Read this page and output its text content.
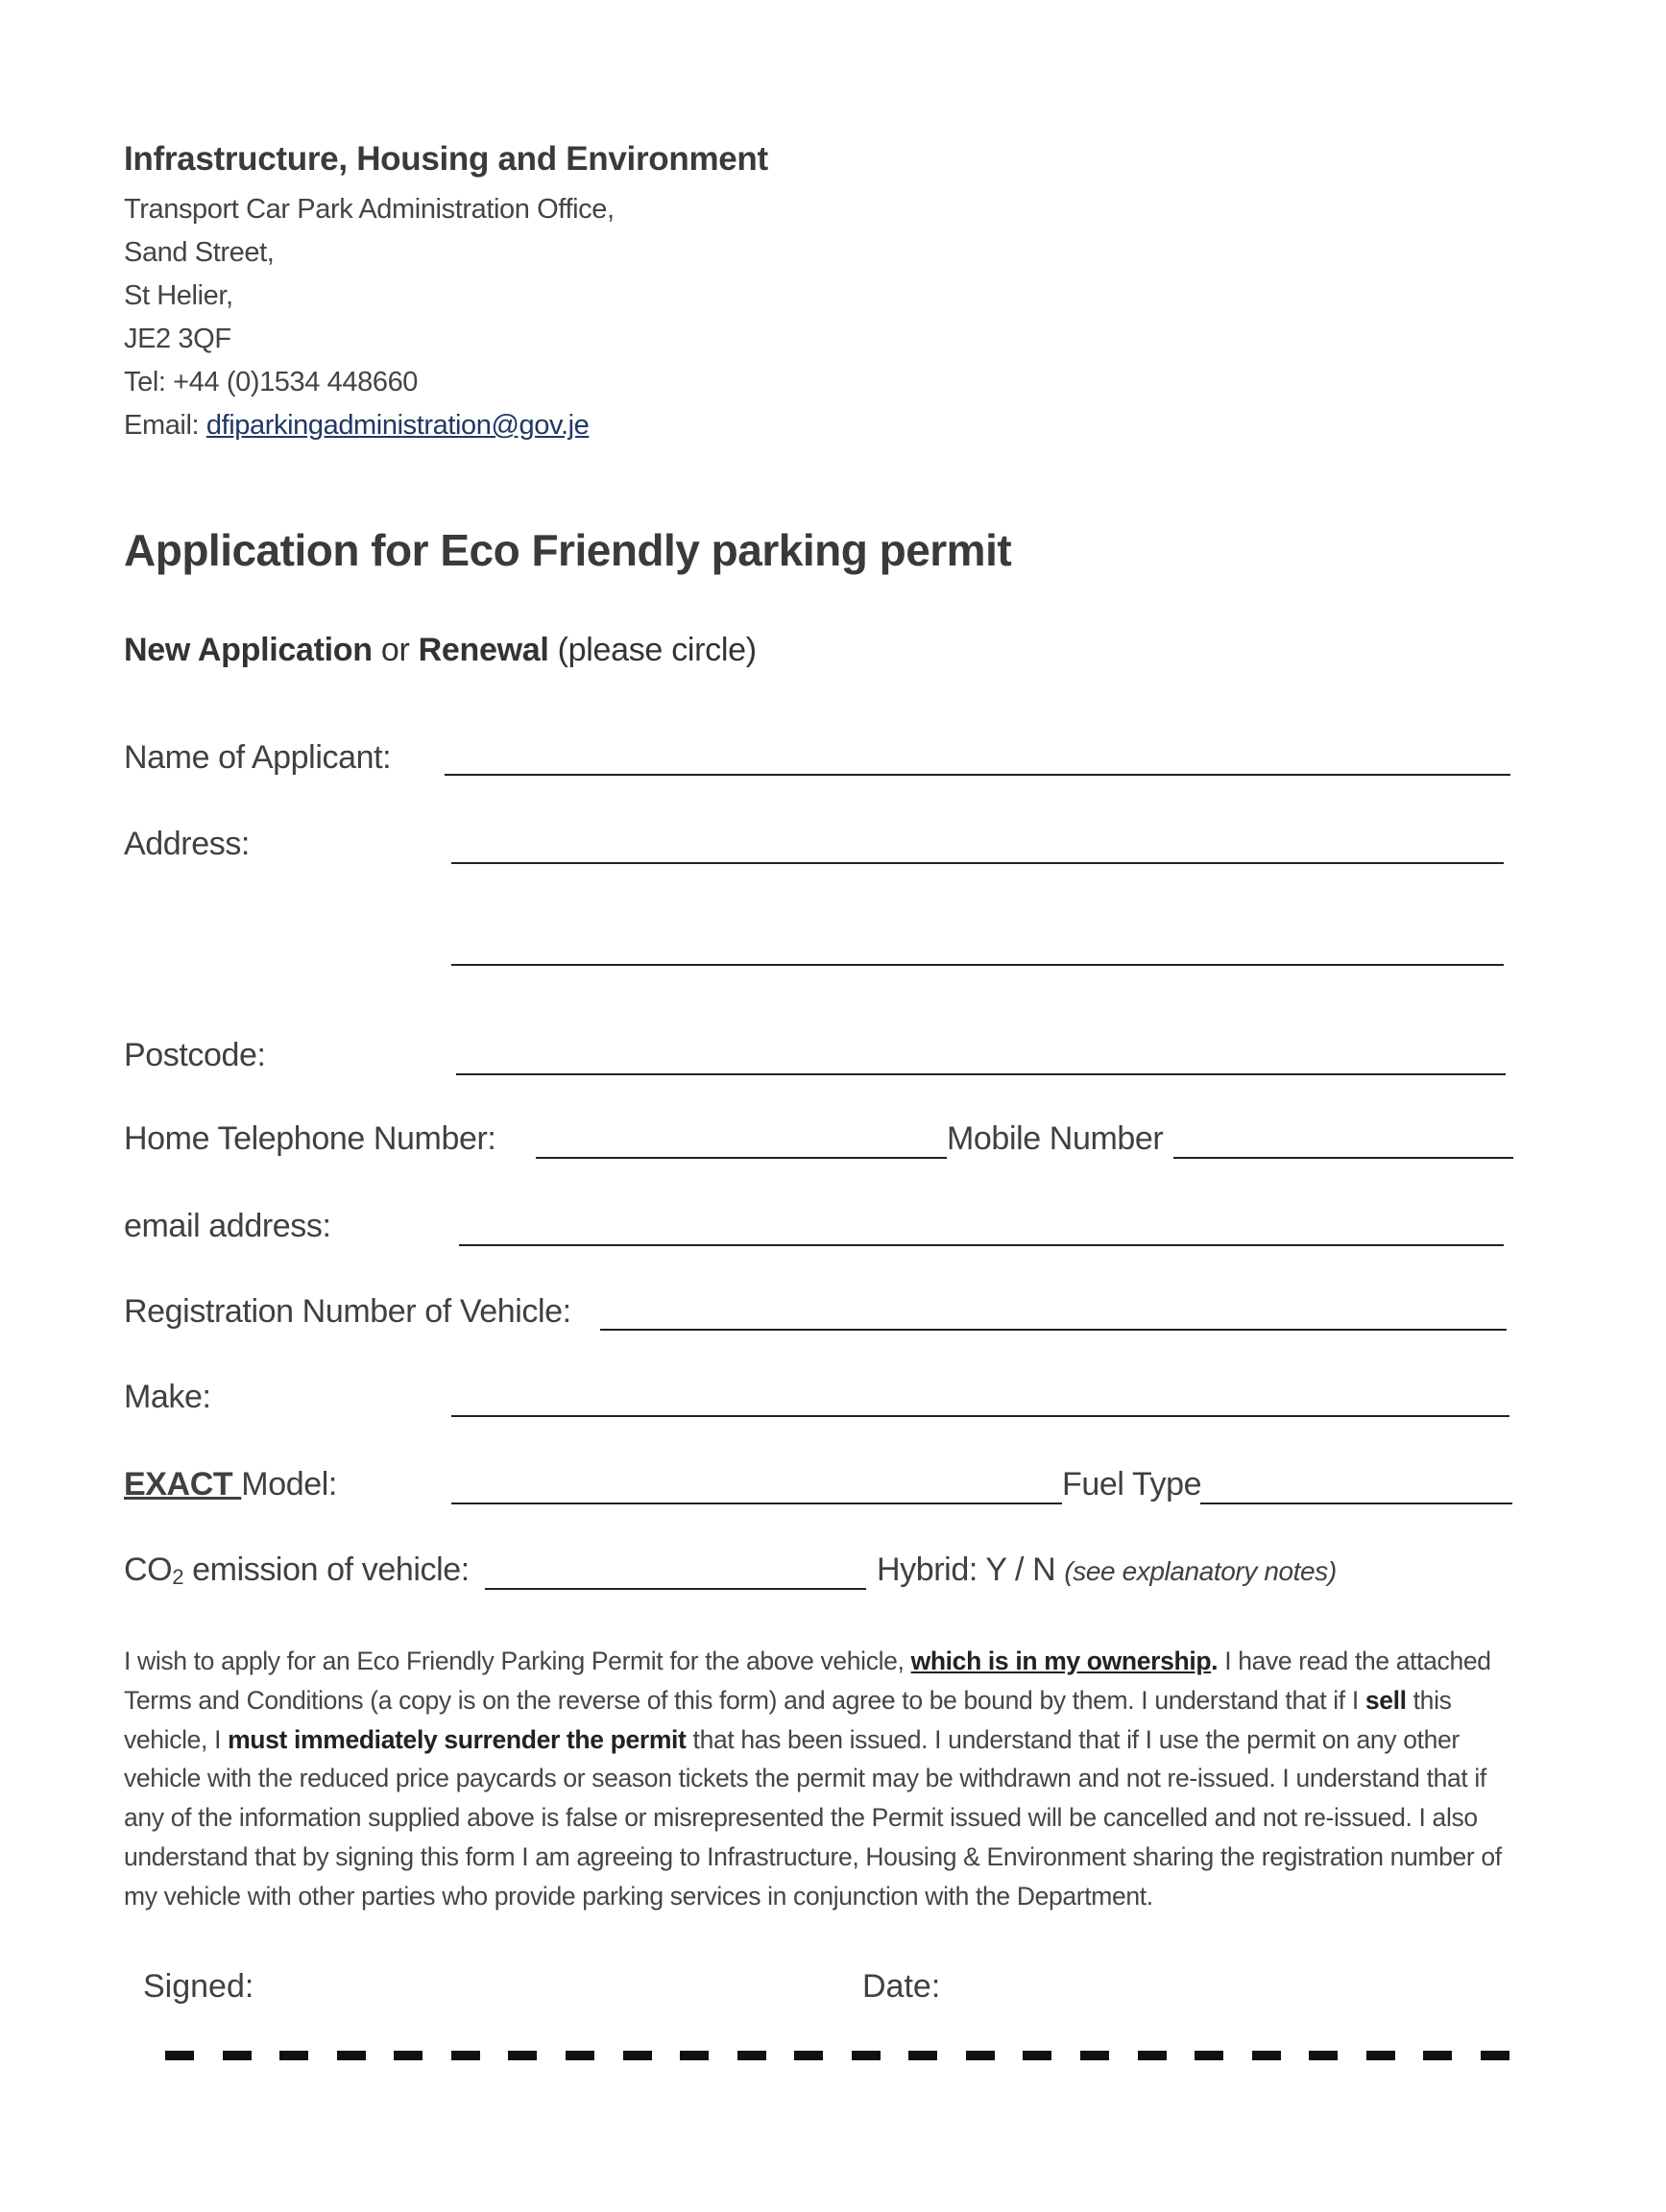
Infrastructure, Housing and Environment
Transport Car Park Administration Office,
Sand Street,
St Helier,
JE2 3QF
Tel: +44 (0)1534 448660
Email: dfiparkingadministration@gov.je
Application for Eco Friendly parking permit
New Application or Renewal (please circle)
Name of Applicant:
Address:
Postcode:
Home Telephone Number:	Mobile Number
email address:
Registration Number of Vehicle:
Make:
EXACT Model:	Fuel Type
$CO_2$ emission of vehicle:	Hybrid: Y / N (see explanatory notes)
I wish to apply for an Eco Friendly Parking Permit for the above vehicle, which is in my ownership. I have read the attached Terms and Conditions (a copy is on the reverse of this form) and agree to be bound by them. I understand that if I sell this vehicle, I must immediately surrender the permit that has been issued. I understand that if I use the permit on any other vehicle with the reduced price paycards or season tickets the permit may be withdrawn and not re-issued. I understand that if any of the information supplied above is false or misrepresented the Permit issued will be cancelled and not re-issued. I also understand that by signing this form I am agreeing to Infrastructure, Housing & Environment sharing the registration number of my vehicle with other parties who provide parking services in conjunction with the Department.
Signed:	Date:
